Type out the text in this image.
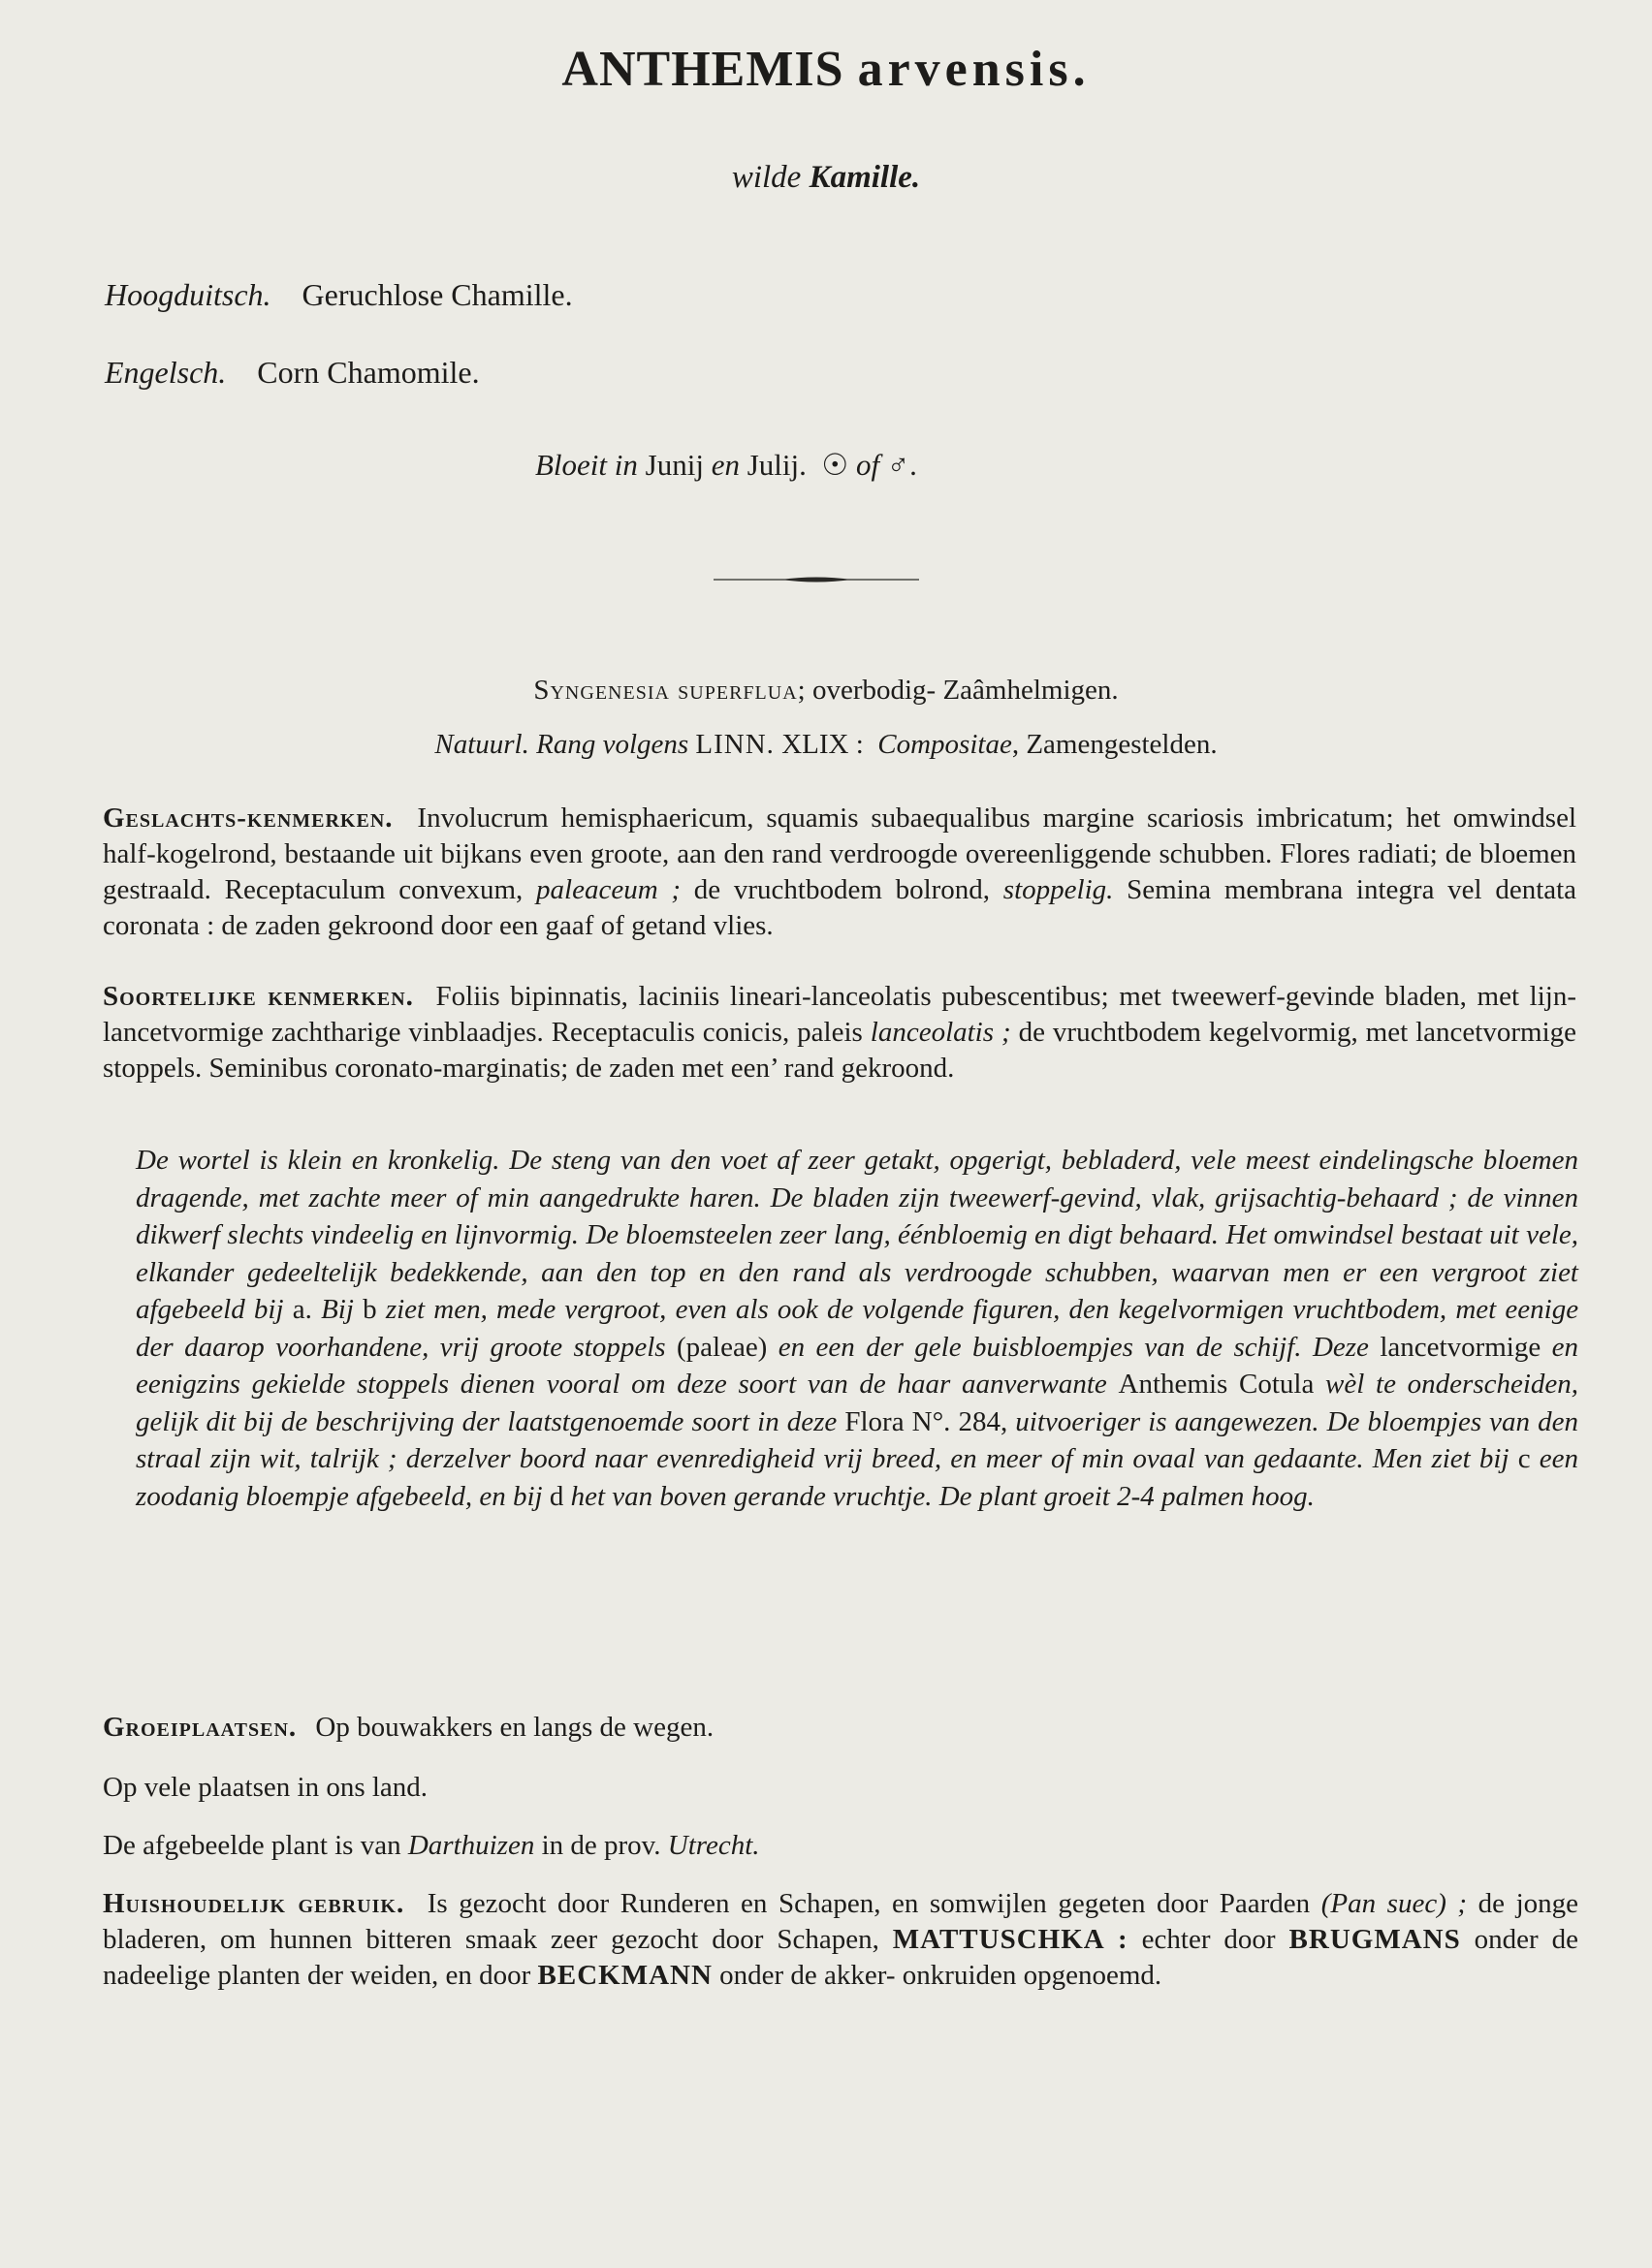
ANTHEMIS arvensis.
wilde Kamille.
Hoogduitsch. Geruchlose Chamille.
Engelsch. Corn Chamomile.
Bloeit in Junij en Julij. ☉ of ♂.
Syngenesia superflua; overbodig- Zaâmhelmigen.
Natuurl. Rang volgens LINN. XLIX : Compositae, Zamengestelden.

Geslachts-kenmerken. Involucrum hemisphaericum, squamis subaequalibus margine scariosis imbricatum; het omwindsel half-kogelrond, bestaande uit bijkans even groote, aan den rand verdroogde overeenliggende schubben. Flores radiati; de bloemen gestraald. Receptaculum convexum, paleaceum ; de vruchtbodem bolrond, stoppelig. Semina membrana integra vel dentata coronata : de zaden gekroond door een gaaf of getand vlies.

Soortelijke kenmerken. Foliis bipinnatis, laciniis lineari-lanceolatis pubescentibus; met tweewerf-gevinde bladen, met lijn-lancetvormige zachtharige vinblaadjes. Receptaculis conicis, paleis lanceolatis ; de vruchtbodem kegelvormig, met lancetvormige stoppels. Seminibus coronato-marginatis; de zaden met een’ rand gekroond.

De wortel is klein en kronkelig. De steng van den voet af zeer getakt, opgerigt, bebladerd, vele meest eindelingsche bloemen dragende, met zachte meer of min aangedrukte haren. De bladen zijn tweewerf-gevind, vlak, grijsachtig-behaard ; de vinnen dikwerf slechts vindeelig en lijnvormig. De bloemsteelen zeer lang, éénbloemig en digt behaard. Het omwindsel bestaat uit vele, elkander gedeeltelijk bedekkende, aan den top en den rand als verdroogde schubben, waarvan men er een vergroot ziet afgebeeld bij a. Bij b ziet men, mede vergroot, even als ook de volgende figuren, den kegelvormigen vruchtbodem, met eenige der daarop voorhandene, vrij groote stoppels (paleae) en een der gele buisbloempjes van de schijf. Deze lancetvormige en eenigzins gekielde stoppels dienen vooral om deze soort van de haar aanverwante Anthemis Cotula wèl te onderscheiden, gelijk dit bij de beschrijving der laatstgenoemde soort in deze Flora N°. 284, uitvoeriger is aangewezen. De bloempjes van den straal zijn wit, talrijk ; derzelver boord naar evenredigheid vrij breed, en meer of min ovaal van gedaante. Men ziet bij c een zoodanig bloempje afgebeeld, en bij d het van boven gerande vruchtje. De plant groeit 2-4 palmen hoog.
Groeiplaatsen. Op bouwakkers en langs de wegen.
Op vele plaatsen in ons land.
De afgebeelde plant is van Darthuizen in de prov. Utrecht.
Huishoudelijk gebruik. Is gezocht door Runderen en Schapen, en somwijlen gegeten door Paarden (Pan suec) ; de jonge bladeren, om hunnen bitteren smaak zeer gezocht door Schapen, MATTUSCHKA : echter door BRUGMANS onder de nadeelige planten der weiden, en door BECKMANN onder de akker- onkruiden opgenoemd.
